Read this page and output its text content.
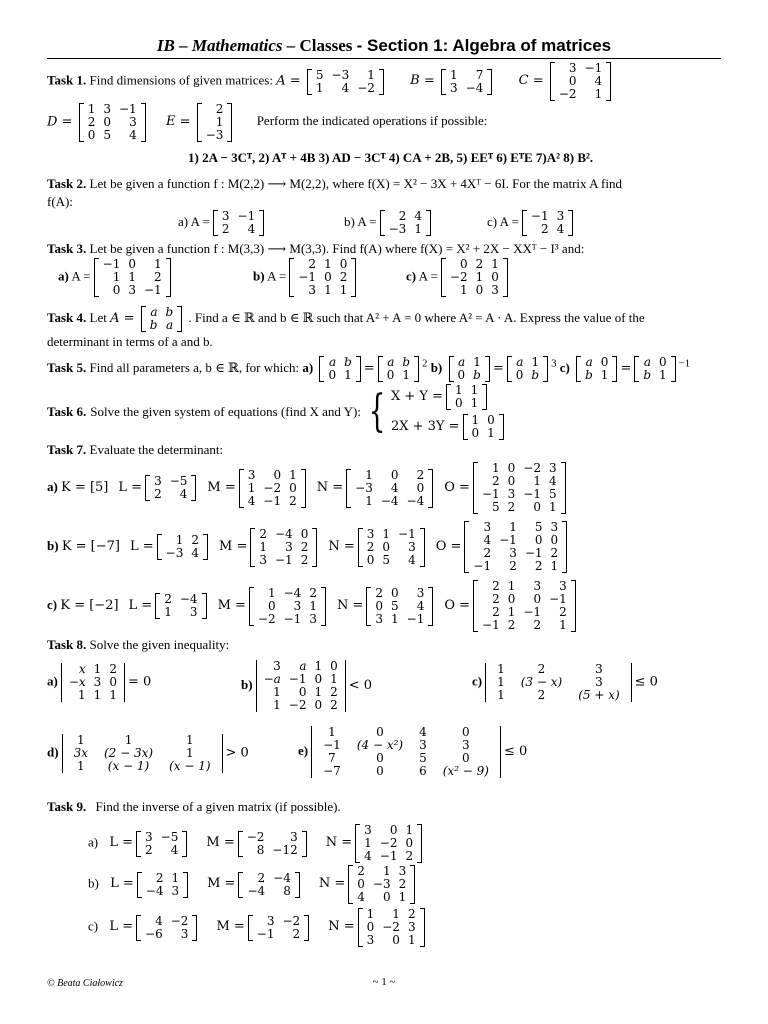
IB – Mathematics – Classes - Section 1: Algebra of matrices
Task 1. Find dimensions of given matrices: A = 5	−3	1
1	4	−2	B = 1	7
3	−4	C =
3	−1
0	4
−2	1
D =
1	3	−1
2	0	3
0	5	4
E =
2
1
−3
Perform the indicated operations if possible:
1) 2A − 3Cᵀ, 2) Aᵀ + 4B 3) AD − 3Cᵀ 4) CA + 2B, 5) EEᵀ 6) EᵀE 7)A² 8) B².
Task 2. Let be given a function f : M(2,2) ⟶ M(2,2), where f(X) = X² − 3X + 4Xᵀ − 6I. For the matrix A find
f(A):
a) A = 3	−1
2	4
b) A = 2	4
−3	1
c) A = −1	3
2	4
Task 3. Let be given a function f : M(3,3) ⟶ M(3,3). Find f(A) where f(X) = X² + 2X − XXᵀ − I³ and:
a) A =
−1	0	1
1	1	2
0	3	−1
b) A =
2	1	0
−1	0	2
3	1	1
c) A =
0	2	1
−2	1	0
1	0	3
Task 4. Let A = a	b
b	a
. Find a ∈ ℝ and b ∈ ℝ such that A² + A = 0 where A² = A · A. Express the value of the
determinant in terms of a and b.
Task 5. Find all parameters a, b ∈ ℝ, for which: a) a	b
0	1 = a	b
0	1
$^2$ b) a	1
0	b = a	1
0	b
$^3$ c) a	0
b	1 = a	0
b	1
$^{-1}$
Task 6. Solve the given system of equations (find X and Y): { X + Y = 1	1
0	1
2X + 3Y = 1	0
0	1
Task 7. Evaluate the determinant:
a) K = [5] L = 3	−5
2	4 M =
3	0	1
1	−2	0
4	−1	2
N =
1	0	2
−3	4	0
1	−4	−4
O =
1	0	−2	3
2	0	1	4
−1	3	−1	5
5	2	0	1
b) K = [−7] L = 1	2
−3	4 M =
2	−4	0
1	3	2
3	−1	2
N =
3	1	−1
2	0	3
0	5	4
O =
3	1	5	3
4	−1	0	0
2	3	−1	2
−1	2	2	1
c) K = [−2] L = 2	−4
1	3 M =
1	−4	2
0	3	1
−2	−1	3
N =
2	0	3
0	5	4
3	1	−1
O =
2	1	3	3
2	0	0	−1
2	1	−1	2
−1	2	2	1
Task 8. Solve the given inequality:
a)
x	1	2
−x	3	0
1	1	1
= 0	b)
3	a	1	0
−a	−1	0	1
1	0	1	2
1	−2	0	2
< 0	c)
1	2	3
1	(3 − x)	3
1	2	(5 + x)
≤ 0
d)
1	1	1
3x	(2 − 3x)	1
1	(x − 1)	(x − 1)
> 0	e)
1	0	4	0
−1	(4 − x²)	3	3
7	0	5	0
−7	0	6	(x² − 9)
≤ 0
Task 9. Find the inverse of a given matrix (if possible).
a) L = 3	−5
2	4 M = −2	3
8	−12 N =
3	0	1
1	−2	0
4	−1	2
b) L = 2	1
−4	3 M = 2	−4
−4	8 N =
2	1	3
0	−3	2
4	0	1
c) L = 4	−2
−6	3 M = 3	−2
−1	2 N =
1	1	2
0	−2	3
3	0	1
© Beata Ciałowicz	~ 1 ~
